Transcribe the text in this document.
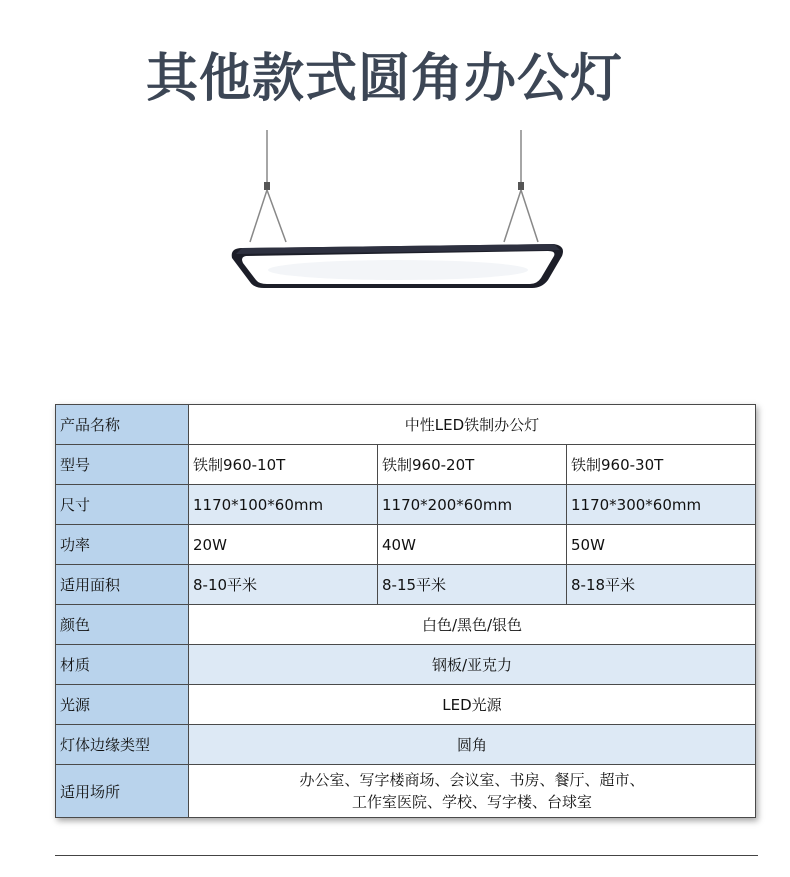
其他款式圆角办公灯
产品名称	中性LED铁制办公灯		
型号	铁制960-10T	铁制960-20T	铁制960-30T
尺寸	1170*100*60mm	1170*200*60mm	1170*300*60mm
功率	20W	40W	50W
适用面积	8-10平米	8-15平米	8-18平米
颜色	白色/黑色/银色		
材质	钢板/亚克力		
光源	LED光源		
灯体边缘类型	圆角		
适用场所	办公室、写字楼商场、会议室、书房、餐厅、超市、
工作室医院、学校、写字楼、台球室		
